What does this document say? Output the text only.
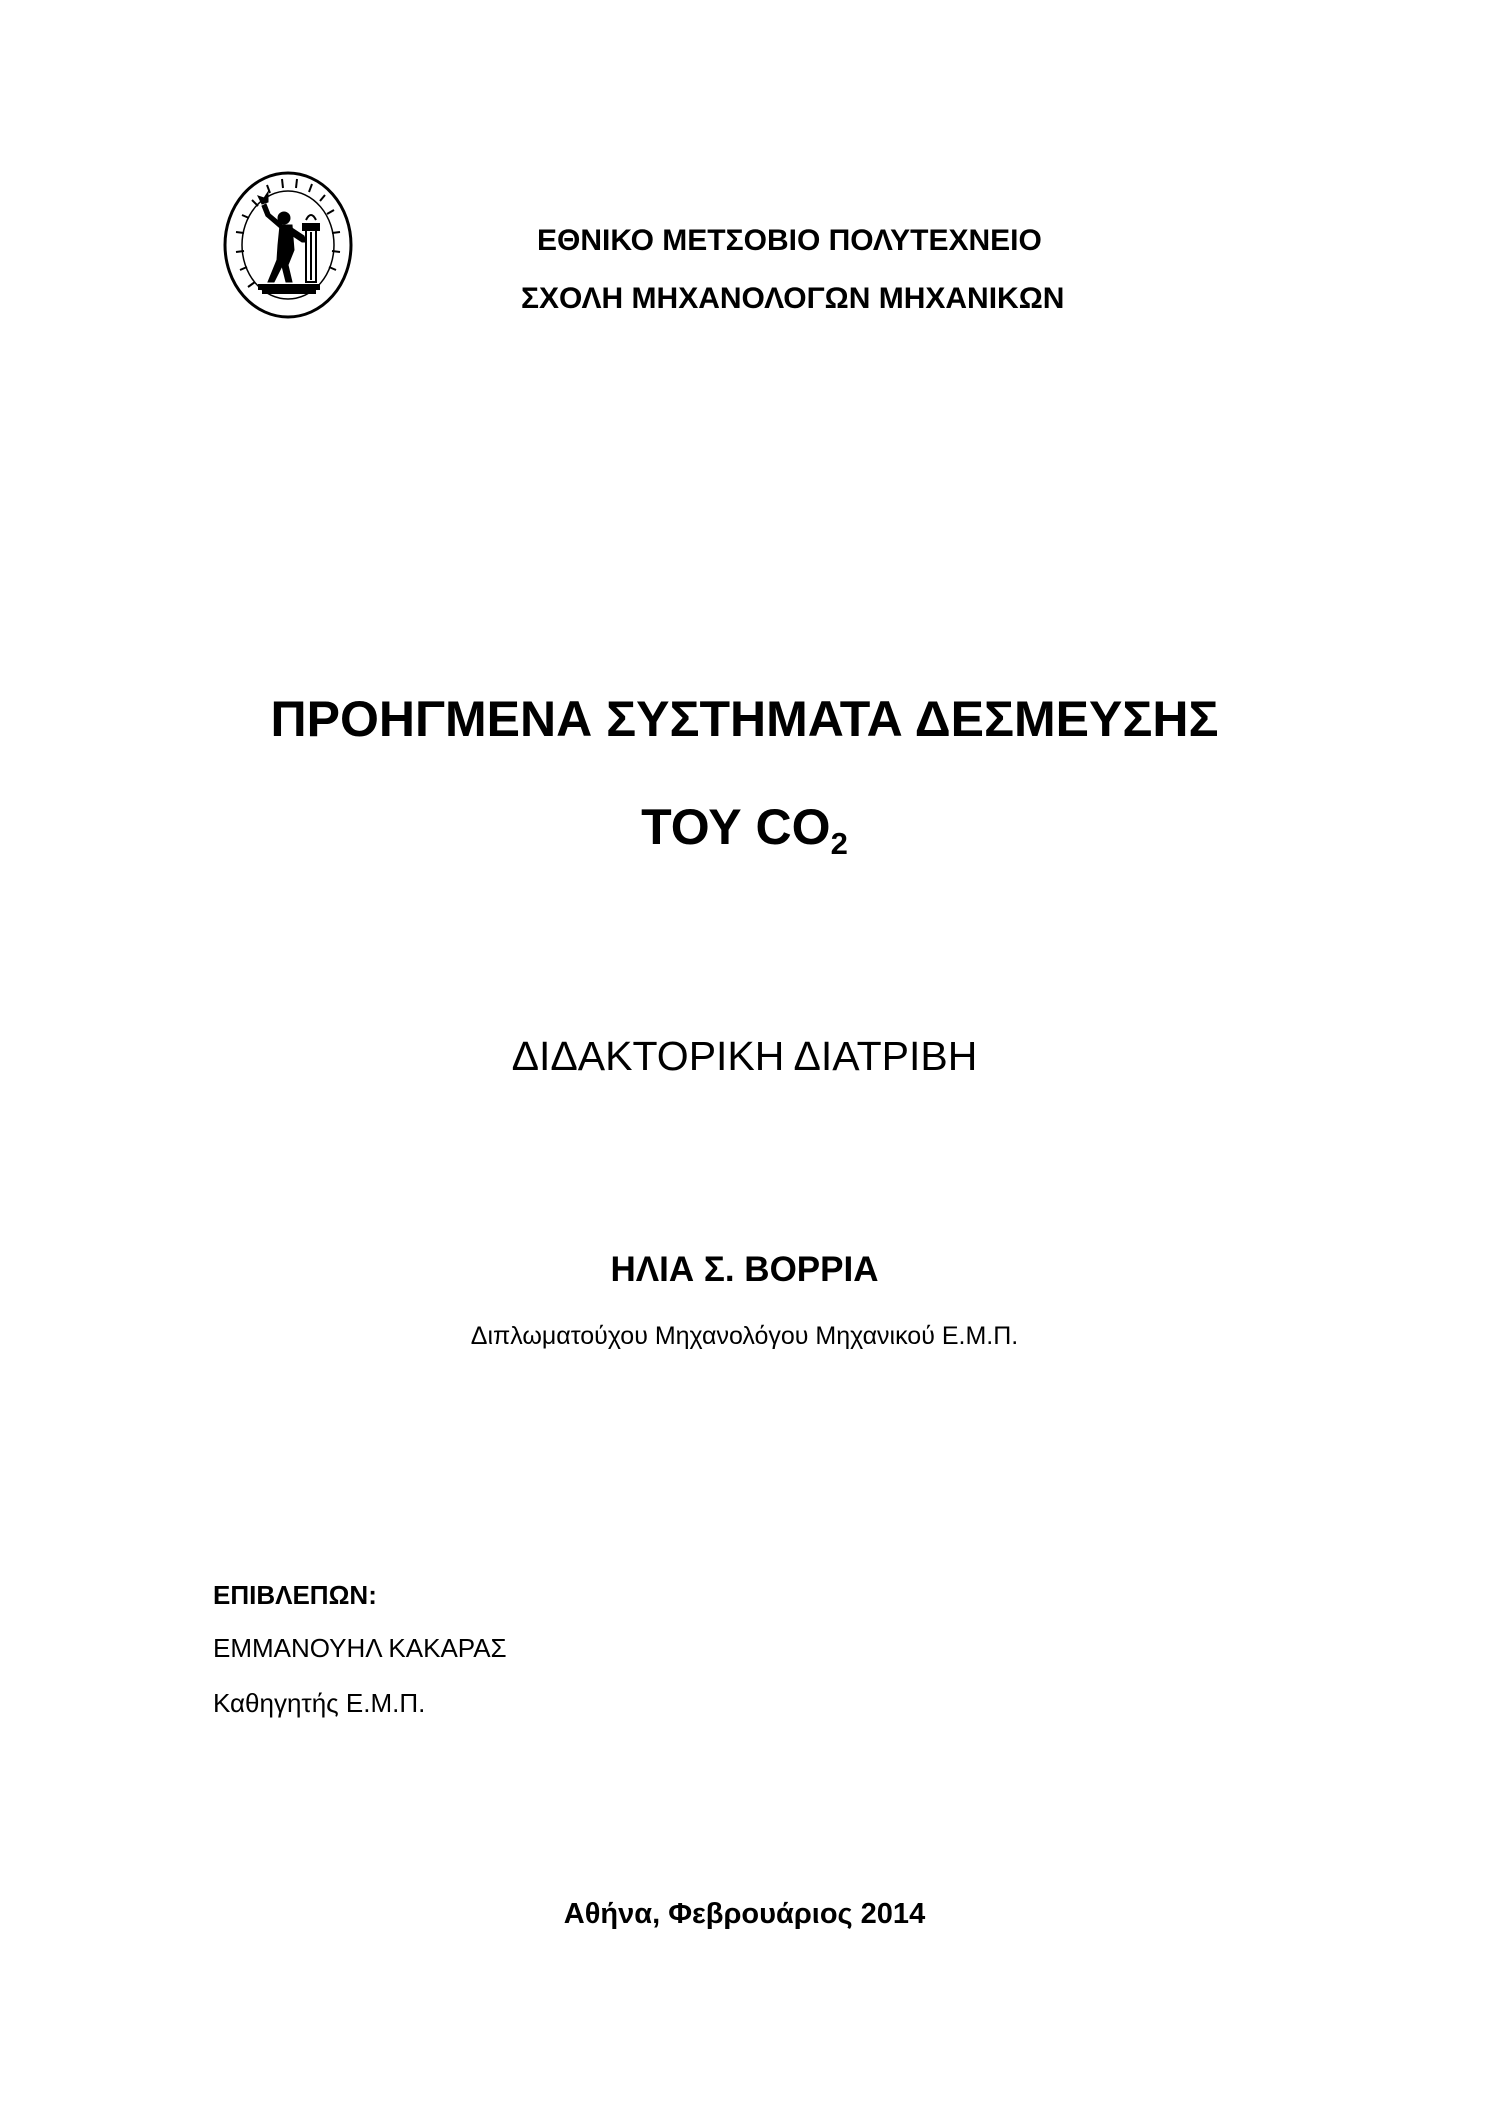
ΕΘΝΙΚΟ ΜΕΤΣΟΒΙΟ ΠΟΛΥΤΕΧΝΕΙΟ
ΣΧΟΛΗ ΜΗΧΑΝΟΛΟΓΩΝ ΜΗΧΑΝΙΚΩΝ
ΠΡΟΗΓΜΕΝΑ ΣΥΣΤΗΜΑΤΑ ΔΕΣΜΕΥΣΗΣ
ΤΟΥ $CO_2$
ΔΙΔΑΚΤΟΡΙΚΗ ΔΙΑΤΡΙΒΗ
ΗΛΙΑ Σ. ΒΟΡΡΙΑ
Διπλωματούχου Μηχανολόγου Μηχανικού Ε.Μ.Π.
ΕΠΙΒΛΕΠΩΝ:
ΕΜΜΑΝΟΥΗΛ ΚΑΚΑΡΑΣ
Καθηγητής Ε.Μ.Π.
Αθήνα, Φεβρουάριος 2014
